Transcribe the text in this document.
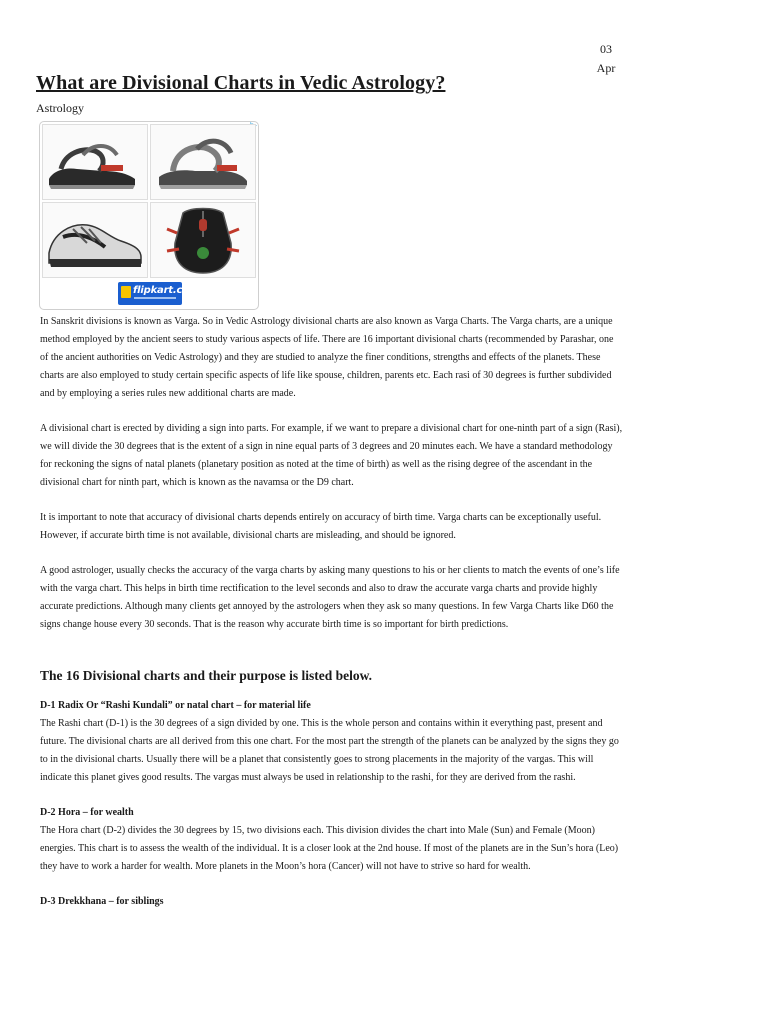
03
Apr
What are Divisional Charts in Vedic Astrology?
Astrology
flipkart.com

In Sanskrit divisions is known as Varga. So in Vedic Astrology divisional charts are also known as Varga Charts. The Varga charts, are a unique method employed by the ancient seers to study various aspects of life. There are 16 important divisional charts (recommended by Parashar, one of the ancient authorities on Vedic Astrology) and they are studied to analyze the finer conditions, strengths and effects of the planets. These charts are also employed to study certain specific aspects of life like spouse, children, parents etc. Each rasi of 30 degrees is further subdivided and by employing a series rules new additional charts are made.

A divisional chart is erected by dividing a sign into parts. For example, if we want to prepare a divisional chart for one-ninth part of a sign (Rasi), we will divide the 30 degrees that is the extent of a sign in nine equal parts of 3 degrees and 20 minutes each. We have a standard methodology for reckoning the signs of natal planets (planetary position as noted at the time of birth) as well as the rising degree of the ascendant in the divisional chart for ninth part, which is known as the navamsa or the D9 chart.

It is important to note that accuracy of divisional charts depends entirely on accuracy of birth time. Varga charts can be exceptionally useful. However, if accurate birth time is not available, divisional charts are misleading, and should be ignored.

A good astrologer, usually checks the accuracy of the varga charts by asking many questions to his or her clients to match the events of one’s life with the varga chart. This helps in birth time rectification to the level seconds and also to draw the accurate varga charts and provide highly accurate predictions. Although many clients get annoyed by the astrologers when they ask so many questions. In few Varga Charts like D60 the signs change house every 30 seconds. That is the reason why accurate birth time is so important for birth predictions.

The 16 Divisional charts and their purpose is listed below.
D-1 Radix Or “Rashi Kundali” or natal chart – for material life

The Rashi chart (D-1) is the 30 degrees of a sign divided by one. This is the whole person and contains within it everything past, present and future. The divisional charts are all derived from this one chart. For the most part the strength of the planets can be analyzed by the signs they go to in the divisional charts. Usually there will be a planet that consistently goes to strong placements in the majority of the vargas. This will indicate this planet gives good results. The vargas must always be used in relationship to the rashi, for they are derived from the rashi.

D-2 Hora – for wealth

The Hora chart (D-2) divides the 30 degrees by 15, two divisions each. This division divides the chart into Male (Sun) and Female (Moon) energies. This chart is to assess the wealth of the individual. It is a closer look at the 2nd house. If most of the planets are in the Sun’s hora (Leo) they have to work a harder for wealth. More planets in the Moon’s hora (Cancer) will not have to strive so hard for wealth.

D-3 Drekkhana – for siblings
